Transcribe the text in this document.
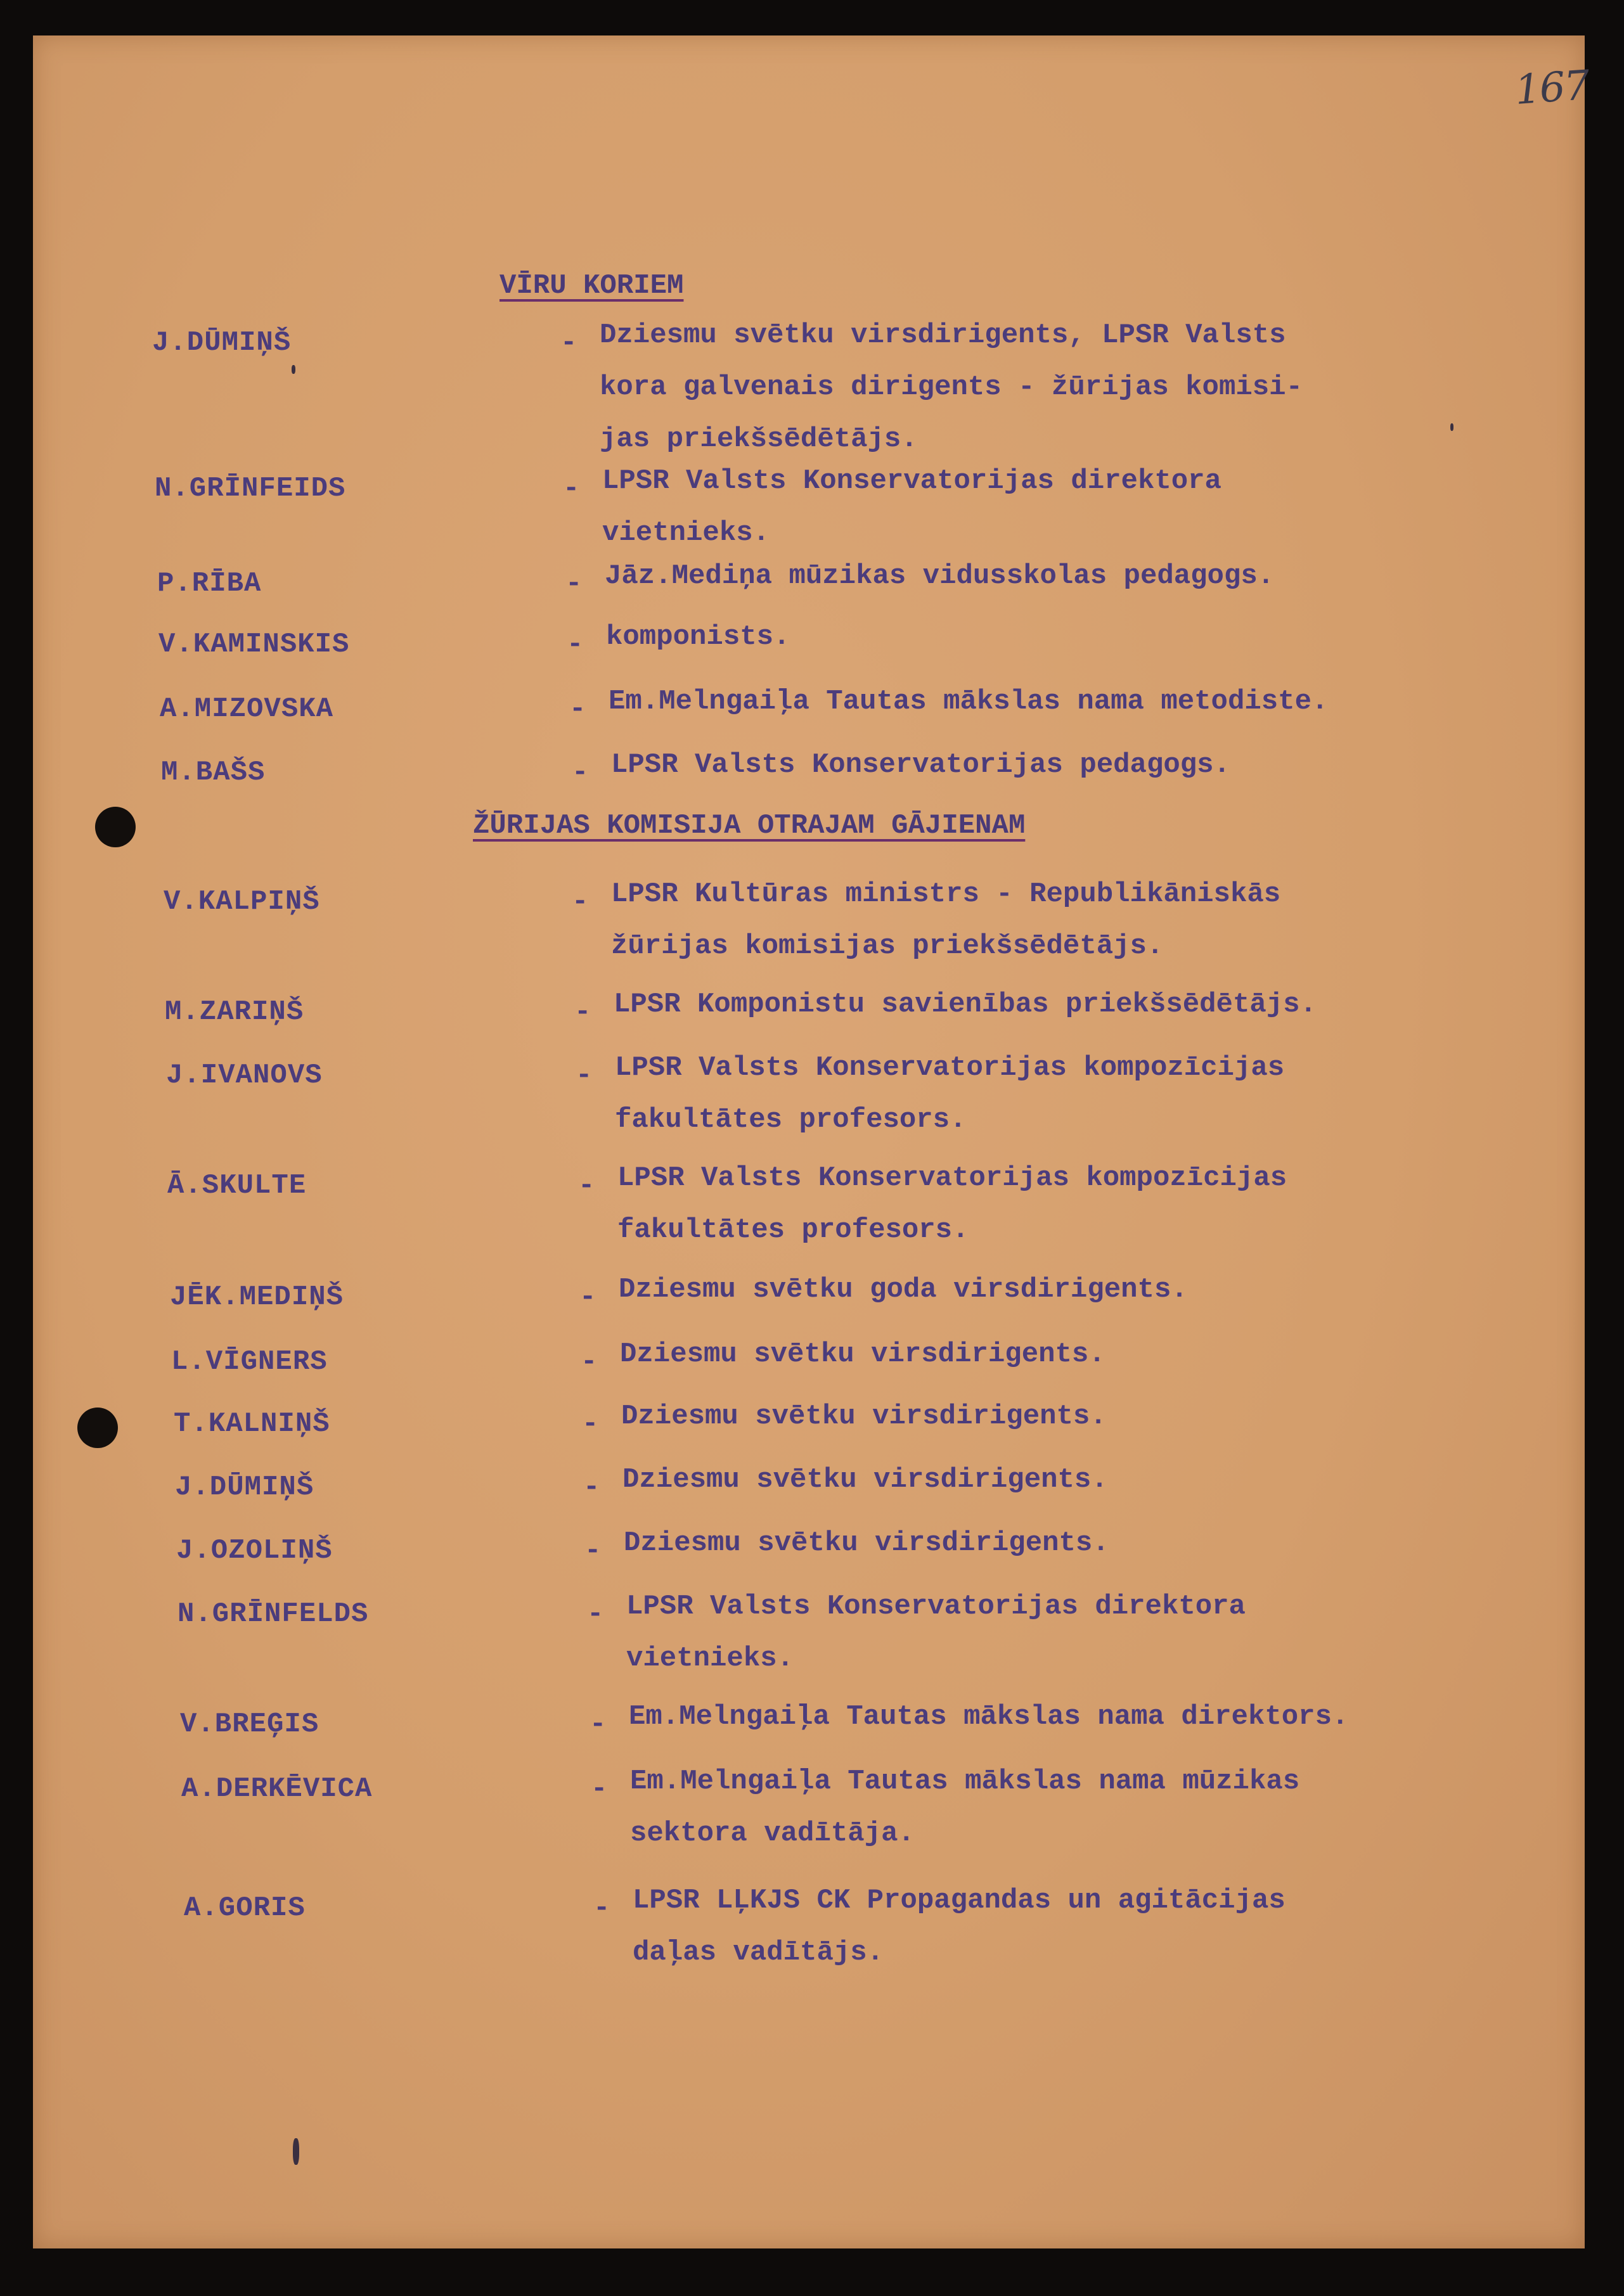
167
VĪRU KORIEM
ŽŪRIJAS KOMISIJA OTRAJAM GĀJIENAM
J.DŪMIŅŠ	- Dziesmu svētku virsdirigents, LPSR Valsts
kora galvenais dirigents - žūrijas komisi-
jas priekšsēdētājs.
N.GRĪNFEIDS	- LPSR Valsts Konservatorijas direktora
vietnieks.
P.RĪBA	- Jāz.Mediņa mūzikas vidusskolas pedagogs.
V.KAMINSKIS	- komponists.
A.MIZOVSKA	- Em.Melngaiļa Tautas mākslas nama metodiste.
M.BAŠS	- LPSR Valsts Konservatorijas pedagogs.
V.KALPIŅŠ	- LPSR Kultūras ministrs - Republikāniskās
žūrijas komisijas priekšsēdētājs.
M.ZARIŅŠ	- LPSR Komponistu savienības priekšsēdētājs.
J.IVANOVS	- LPSR Valsts Konservatorijas kompozīcijas
fakultātes profesors.
Ā.SKULTE	- LPSR Valsts Konservatorijas kompozīcijas
fakultātes profesors.
JĒK.MEDIŅŠ	- Dziesmu svētku goda virsdirigents.
L.VĪGNERS	- Dziesmu svētku virsdirigents.
T.KALNIŅŠ	- Dziesmu svētku virsdirigents.
J.DŪMIŅŠ	- Dziesmu svētku virsdirigents.
J.OZOLIŅŠ	- Dziesmu svētku virsdirigents.
N.GRĪNFELDS	- LPSR Valsts Konservatorijas direktora
vietnieks.
V.BREĢIS	- Em.Melngaiļa Tautas mākslas nama direktors.
A.DERKĒVICA	- Em.Melngaiļa Tautas mākslas nama mūzikas
sektora vadītāja.
A.GORIS	- LPSR LĻKJS CK Propagandas un agitācijas
daļas vadītājs.
